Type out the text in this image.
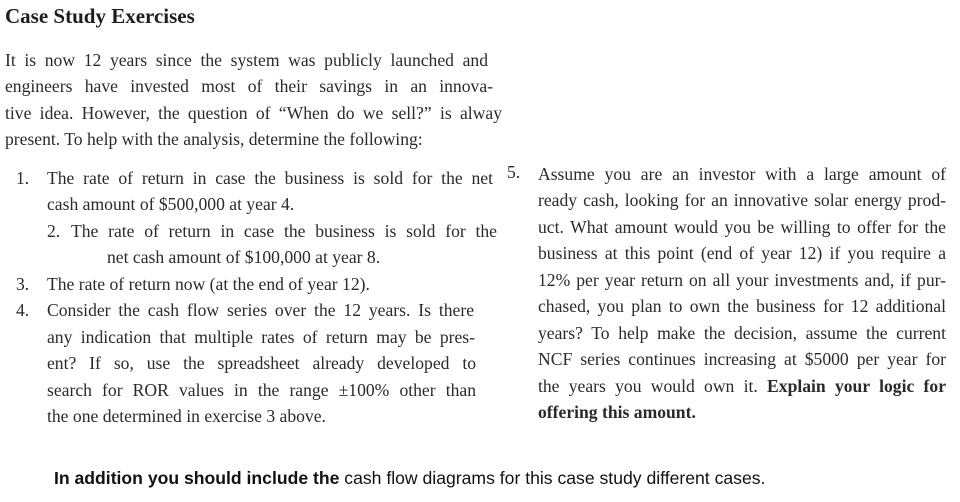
Case Study Exercises
It is now 12 years since the system was publicly launched and
engineers have invested most of their savings in an innova-
tive idea. However, the question of “When do we sell?” is alway
present. To help with the analysis, determine the following:
1. The rate of return in case the business is sold for the net
cash amount of $500,000 at year 4.
2. The rate of return in case the business is sold for the
net cash amount of $100,000 at year 8.
3. The rate of return now (at the end of year 12).
4. Consider the cash flow series over the 12 years. Is there
any indication that multiple rates of return may be pres-
ent? If so, use the spreadsheet already developed to
search for ROR values in the range ±100% other than
the one determined in exercise 3 above.
5. Assume you are an investor with a large amount of
ready cash, looking for an innovative solar energy prod-
uct. What amount would you be willing to offer for the
business at this point (end of year 12) if you require a
12% per year return on all your investments and, if pur-
chased, you plan to own the business for 12 additional
years? To help make the decision, assume the current
NCF series continues increasing at $5000 per year for
the years you would own it. Explain your logic for
offering this amount.
In addition you should include the cash flow diagrams for this case study different cases.
